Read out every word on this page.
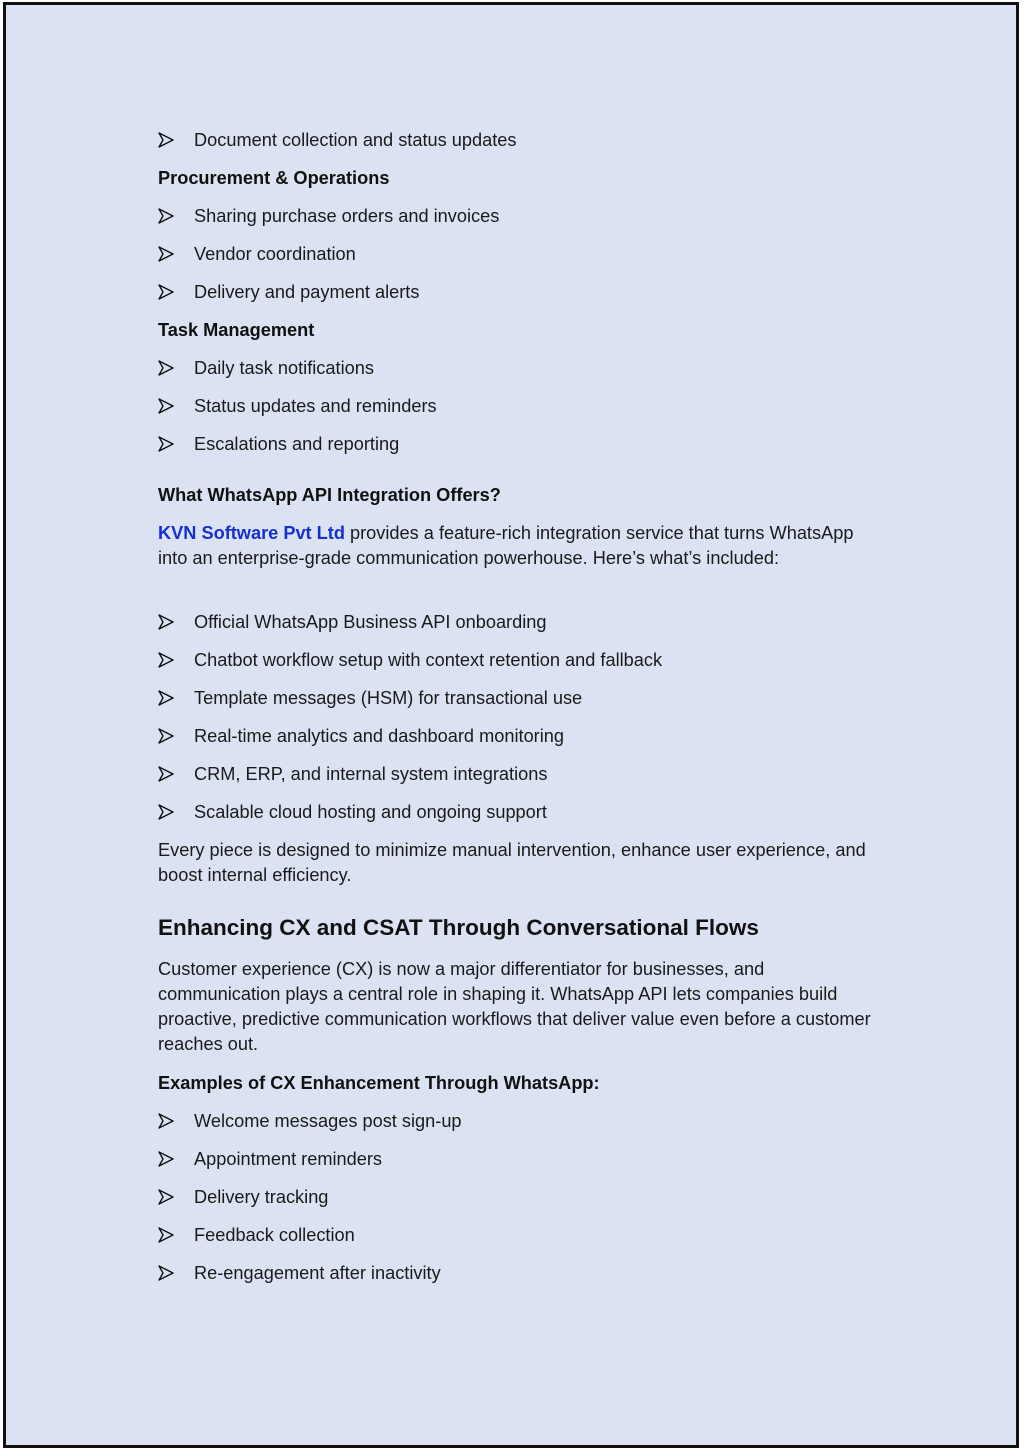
Document collection and status updates
Procurement & Operations
Sharing purchase orders and invoices
Vendor coordination
Delivery and payment alerts
Task Management
Daily task notifications
Status updates and reminders
Escalations and reporting
What WhatsApp API Integration Offers?
KVN Software Pvt Ltd provides a feature-rich integration service that turns WhatsApp into an enterprise-grade communication powerhouse. Here’s what’s included:
Official WhatsApp Business API onboarding
Chatbot workflow setup with context retention and fallback
Template messages (HSM) for transactional use
Real-time analytics and dashboard monitoring
CRM, ERP, and internal system integrations
Scalable cloud hosting and ongoing support
Every piece is designed to minimize manual intervention, enhance user experience, and boost internal efficiency.
Enhancing CX and CSAT Through Conversational Flows
Customer experience (CX) is now a major differentiator for businesses, and communication plays a central role in shaping it. WhatsApp API lets companies build proactive, predictive communication workflows that deliver value even before a customer reaches out.
Examples of CX Enhancement Through WhatsApp:
Welcome messages post sign-up
Appointment reminders
Delivery tracking
Feedback collection
Re-engagement after inactivity
